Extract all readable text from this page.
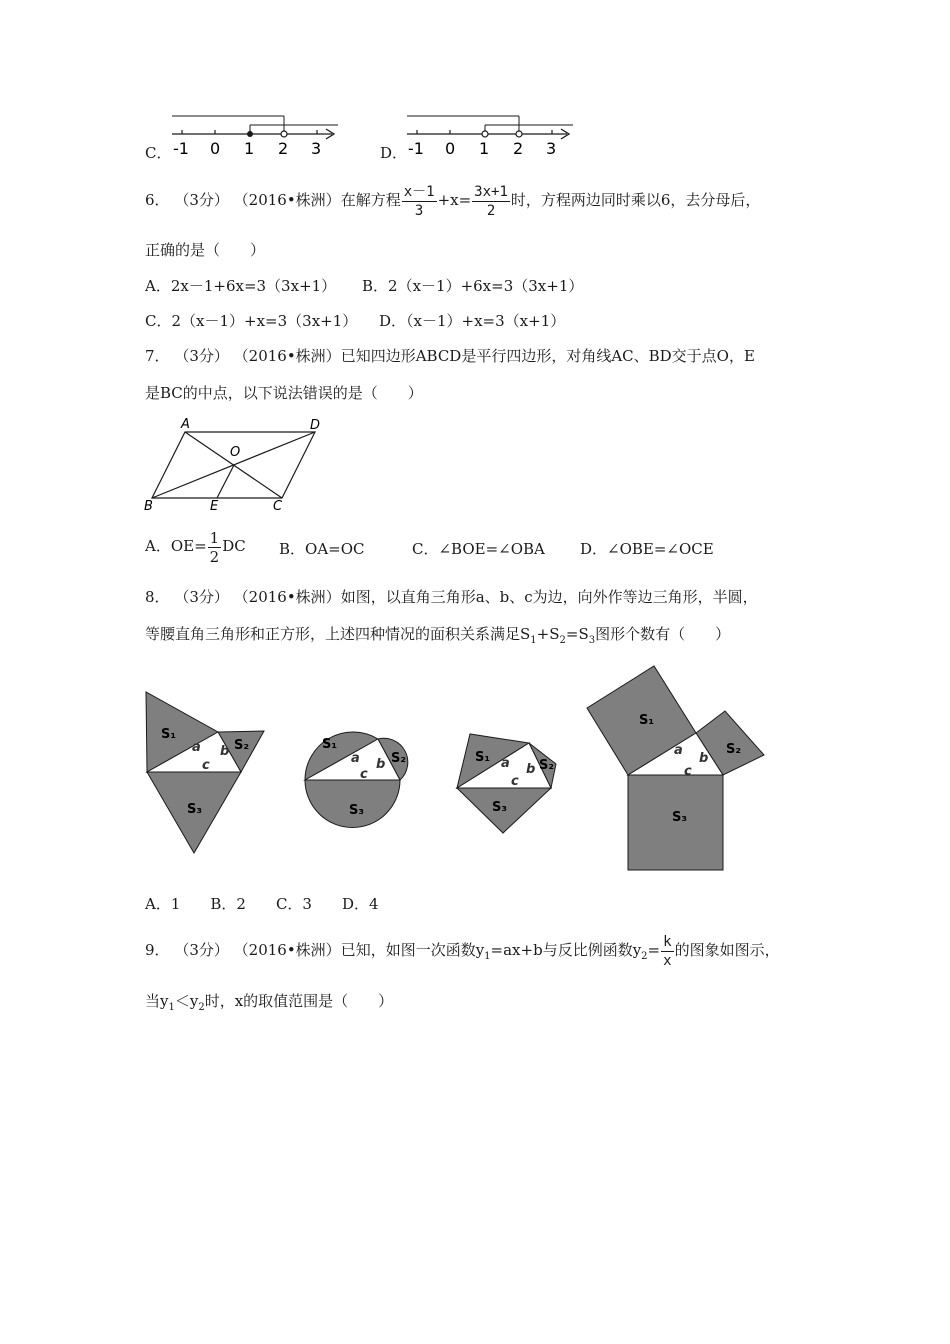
C． -1 0 1 2 3	D． -1 0 1 2 3
6． （3分） （2016•株洲）在解方程 $\frac{x-1}{3} +x= \frac{3x+1}{2}$ 时，方程两边同时乘以6，去分母后，
正确的是（　　）
A．2x－1+6x=3（3x+1） B．2（x－1）+6x=3（3x+1）
C．2（x－1）+x=3（3x+1） D．（x－1）+x=3（x+1）
7． （3分） （2016•株洲）已知四边形ABCD是平行四边形，对角线AC、BD交于点O，E
是BC的中点，以下说法错误的是（　　）
A	D
O
B	E	C
A．$OE= \frac{1}{2}$ DC B．OA=OC	C．∠BOE=∠OBA D．∠OBE=∠OCE
8． （3分） （2016•株洲）如图，以直角三角形a、b、c为边，向外作等边三角形，半圆，
等腰直角三角形和正方形，上述四种情况的面积关系满足$S_1+S_2=S_3$图形个数有（　　）
S₁
S₂
S₃
a b
c
S₁
S₂
S₃
a b
c
S₁
S₂
S₃
a b
c
S₁
S₂
S₃
a
b
c
A．1　　B．2　　C．3　　D．4
9． （3分） （2016•株洲）已知，如图一次函数$y_1=ax+b$与反比例函数$y_2= \frac{k}{x}$ 的图象如图示，
当$y_1<y_2$时，x的取值范围是（　　）
